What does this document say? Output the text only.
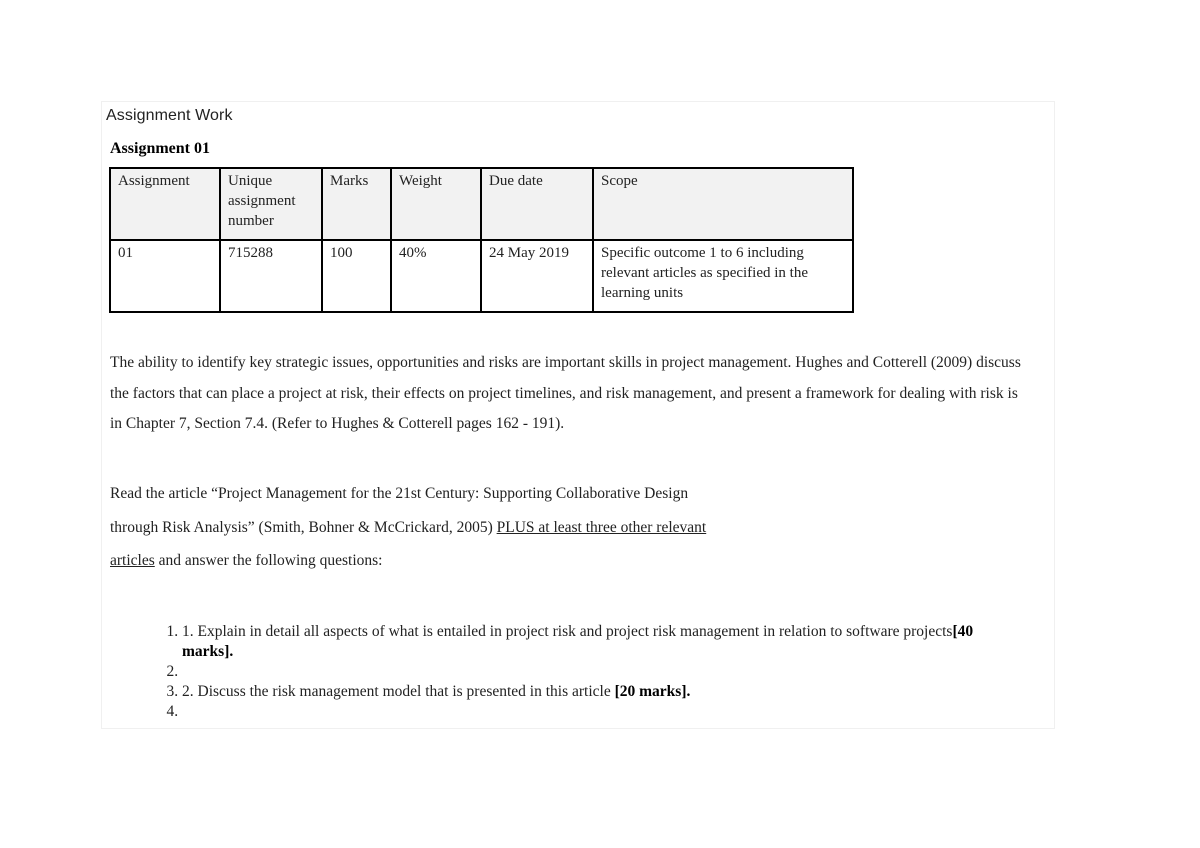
Assignment Work
Assignment 01
Assignment	Unique assignment number	Marks	Weight	Due date	Scope
01	715288	100	40%	24 May 2019	Specific outcome 1 to 6 including relevant articles as specified in the learning units
The ability to identify key strategic issues, opportunities and risks are important skills in project management. Hughes and Cotterell (2009) discuss the factors that can place a project at risk, their effects on project timelines, and risk management, and present a framework for dealing with risk is in Chapter 7, Section 7.4. (Refer to Hughes & Cotterell pages 162 - 191).
Read the article “Project Management for the 21st Century: Supporting Collaborative Design
through Risk Analysis” (Smith, Bohner & McCrickard, 2005) PLUS at least three other relevant
articles and answer the following questions:
1. 1. Explain in detail all aspects of what is entailed in project risk and project risk management in relation to software projects[40 marks].
2.
3. 2. Discuss the risk management model that is presented in this article [20 marks].
4.
